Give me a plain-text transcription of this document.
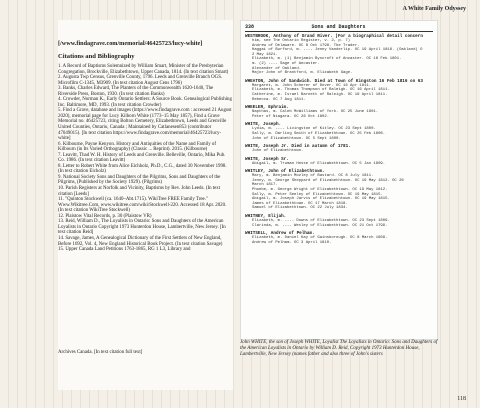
A White Family Odyssey
[/www.findagrave.com/memorial/46425723/lucy-white]
Citations and Bibliography
1. A Record of Baptisms Solemnized by William Smart, Minister of the Presbyterian Congregation, Brockville, Elizabethtown, Upper Canada, 1814. (In text citation Smart)
2. Augusta Twp Census, Grenville County, 1796. Leeds and Grenville Branch OGS. Microfilm C-1345, M3909. (In text citation August Cens 1796)
3. Banks, Charles Edward, The Planters of the Commonwealth 1620-1640, The Riverside Press, Boston, 1930. (In text citation Banks)
4. Crowder, Norman K., Early Ontario Settlers: A Source Book. Genealogical Publishing Inc. Baltimore, MD, 1993. (In text citation Crowder)
5. Find a Grave, database and images (https://www.findagrave.com : accessed 21 August 2020), memorial page for Lucy Kilborn White (1773–15 May 1857), Find a Grave Memorial no. 46425723, citing Bolton Cemetery, Elizabethtown, Leeds and Grenville United Counties, Ontario, Canada ; Maintained by Catlanesen853 (contributor 47049015). [In text citation https://www.findagrave.com/memorial/46425723/lucy-white]
6. Kilbourne, Payne Kenyon. History and Antiquities of the Name and Family of Kilbourn (in Its Varied Orthography) (Classic ... Reprint). 2015. (Kilbourne)
7. Leavitt, Thad W. H. History of Leeds and Grenville. Belleville, Ontario, Mika Pub. Co. 1986. (In text citation Leavitt)
8. Letter to Robert White from Alice Eichholz, Ph.D., C.G., dated 30 November 1998. (In text citation Eicholz)
9. National Society Sons and Daughters of the Pilgrims, Sons and Daughters of the Pilgrims, (Published by the Society 1929). (Pilgrims)
10. Parish Registers at Norfolk and Vicinity, Baptisms by Rev. John Leeds. (In text citation [Leeds]
11. "Quinton Stockwell (ca. 1640–Abt.1715). WikiTree FREE Family Tree." Www.Wikitree.Com, www.wikitree.com/wiki/Stockwell-220. Accessed 18 Apr. 2020. (In text citation WikiTree Stockwell)
12. Plaistow Vital Records, p. 30 (Plaistow VR)
13. Reid, William D., The Loyalists in Ontario: Sons and Daughters of the American Loyalists in Ontario Copyright 1973 Hunterdon House, Lambertville, New Jersey. [In text citation Reid]
14. Savage, James, A Genealogical Dictionary of the First Settlers of New England, Before 1692, Vol. 4, New England Historical Book Project. (In text citation Savage)
15. Upper Canada Land Petitions 1763-1865, RG 1 L3, Library and
Archives Canada. [In text citation full text]
338	Sons and Daughters
WESTBROOK, Anthony of Grand River. (For a biographical detail concern
him, see The Ontario Register, v. 2, p. 7)
Andrew of Delaware. OC 8 Oct 1798. The Trader.
Haggai of Burford, m. ---- Jenny Vanderlip. OC 19 April 1816. (Oakland) O
2 May 1821.
Elizabeth, m. (1) Benjamin Byscroft of Ancaster. OC 16 Feb 1801.
m. (2) ---- Sage of Ancaster.
Alexander of Oakland.
Major John of Brantford, m. Elizabeth Gage.
WHEATON, John of Sandwich. Died at Town of Kingston 16 Feb 1816 on 63
Margaret, m. John Scherer of Dover. OC 16 Apr 1811.
Elizabeth, m. Thomas Thompson of Raleigh. OC 16 April 1811.
Catherine, m. Israel Barnett of Raleigh. OC 16 April 1811.
Rebecca. OC 7 Aug 1811.
WHEELER, Ephraim.
Napthas, m. Caleb McWilliams of York. OC 25 June 1801.
Peter of Niagara. OC 26 Oct 1802.
WHITE, Joseph.
Lydia, m. ---- Livingston of Kitley. OC 23 Sept 1800.
Sally, m. Darling Smith of Elizabethtown. OC 25 Feb 1806.
John of Elizabethtown. OC 5 Sept 1800.
WHITE, Joseph Jr. Died in autumn of 1781.
John of Elizabethtown.
WHITE, Joseph Sr.
Abigail, m. Truman Hosse of Elizabethtown. OC 5 Jan 1809.
WHITLEY, John of Elizabethtown.
Mary, m. Benjamin Mozley of Bastard. OC 8 July 1811.
Jenny, m. George Sheppard of Elizabethtown. OC 19 May 1812. OC 26
March 1817.
Phoebe, m. George Wright of Elizabethtown. OC 19 May 1812.
Sally, m. Peter Seeley of Elizabethtown. OC 19 May 1815.
Abigail, m. Joseph Jarvis of Elizabethtown. OC 19 May 1815.
James of Elizabethtown. OC 17 March 1818.
Samuel of Elizabethtown. OC 22 July 1834.
WHITNEY, Elijah.
Elizabeth, m. ---- Downs of Elizabethtown. OC 23 Sept 1809.
Clarinda, m. ---- Wesley of Elizabethtown. OC 21 Oct 1799.
WHITSELL, Andrew of Pelham.
Elizabeth, m. Daniel Kay of Gainsborough. OC 8 March 1809.
Andrew of Pelham. OC 3 April 1810.
John WHITE, the son of Joseph WHITE, Loyalist The Loyalists in Ontario: Sons and Daughters of the American Loyalists in Ontario by William D. Reid, Copyright 1973 Hunterdon House, Lambertville, New Jersey (names father and also three of John's sisters
118
